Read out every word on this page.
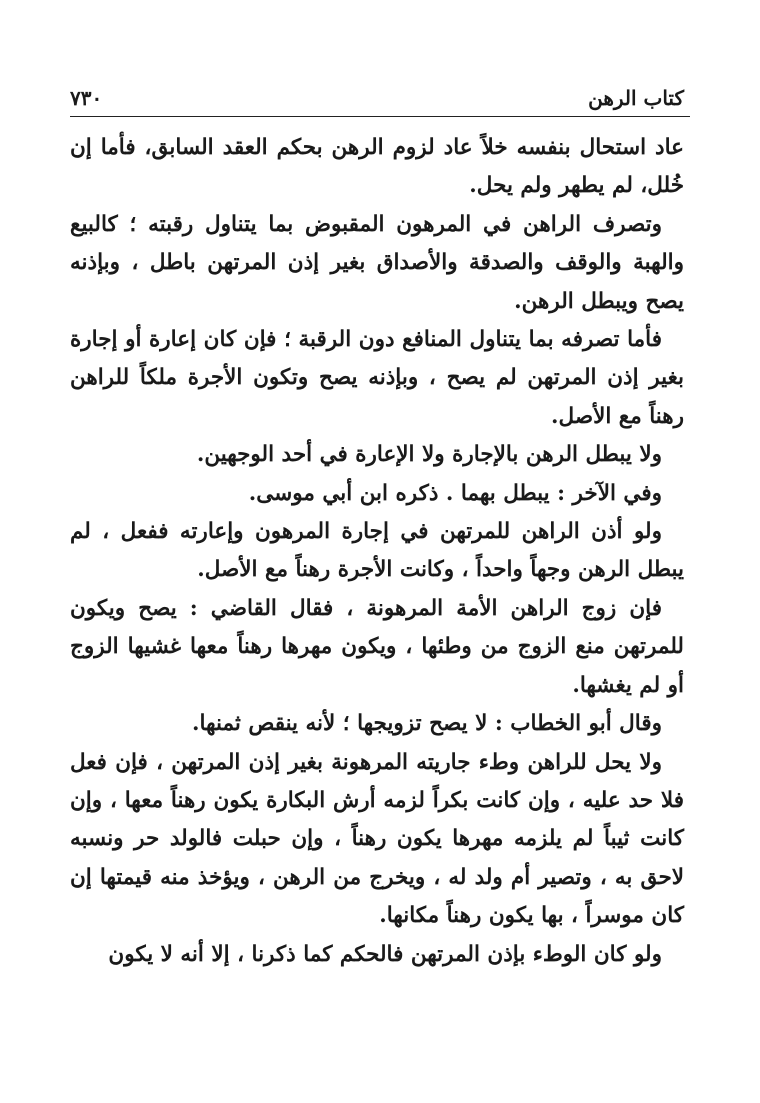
كتاب الرهن
٧٣٠

عاد استحال بنفسه خلاً عاد لزوم الرهن بحكم العقد السابق، فأما إن خُلل، لم يطهر ولم يحل.

وتصرف الراهن في المرهون المقبوض بما يتناول رقبته ؛ كالبيع والهبة والوقف والصدقة والأصداق بغير إذن المرتهن باطل ، وبإذنه يصح ويبطل الرهن.

فأما تصرفه بما يتناول المنافع دون الرقبة ؛ فإن كان إعارة أو إجارة بغير إذن المرتهن لم يصح ، وبإذنه يصح وتكون الأجرة ملكاً للراهن رهناً مع الأصل.

ولا يبطل الرهن بالإجارة ولا الإعارة في أحد الوجهين.

وفي الآخر : يبطل بهما . ذكره ابن أبي موسى.

ولو أذن الراهن للمرتهن في إجارة المرهون وإعارته ففعل ، لم يبطل الرهن وجهاً واحداً ، وكانت الأجرة رهناً مع الأصل.

فإن زوج الراهن الأمة المرهونة ، فقال القاضي : يصح ويكون للمرتهن منع الزوج من وطئها ، ويكون مهرها رهناً معها غشيها الزوج أو لم يغشها.

وقال أبو الخطاب : لا يصح تزويجها ؛ لأنه ينقص ثمنها.

ولا يحل للراهن وطء جاريته المرهونة بغير إذن المرتهن ، فإن فعل فلا حد عليه ، وإن كانت بكراً لزمه أرش البكارة يكون رهناً معها ، وإن كانت ثيباً لم يلزمه مهرها يكون رهناً ، وإن حبلت فالولد حر ونسبه لاحق به ، وتصير أم ولد له ، ويخرج من الرهن ، ويؤخذ منه قيمتها إن كان موسراً ، بها يكون رهناً مكانها.

ولو كان الوطء بإذن المرتهن فالحكم كما ذكرنا ، إلا أنه لا يكون
